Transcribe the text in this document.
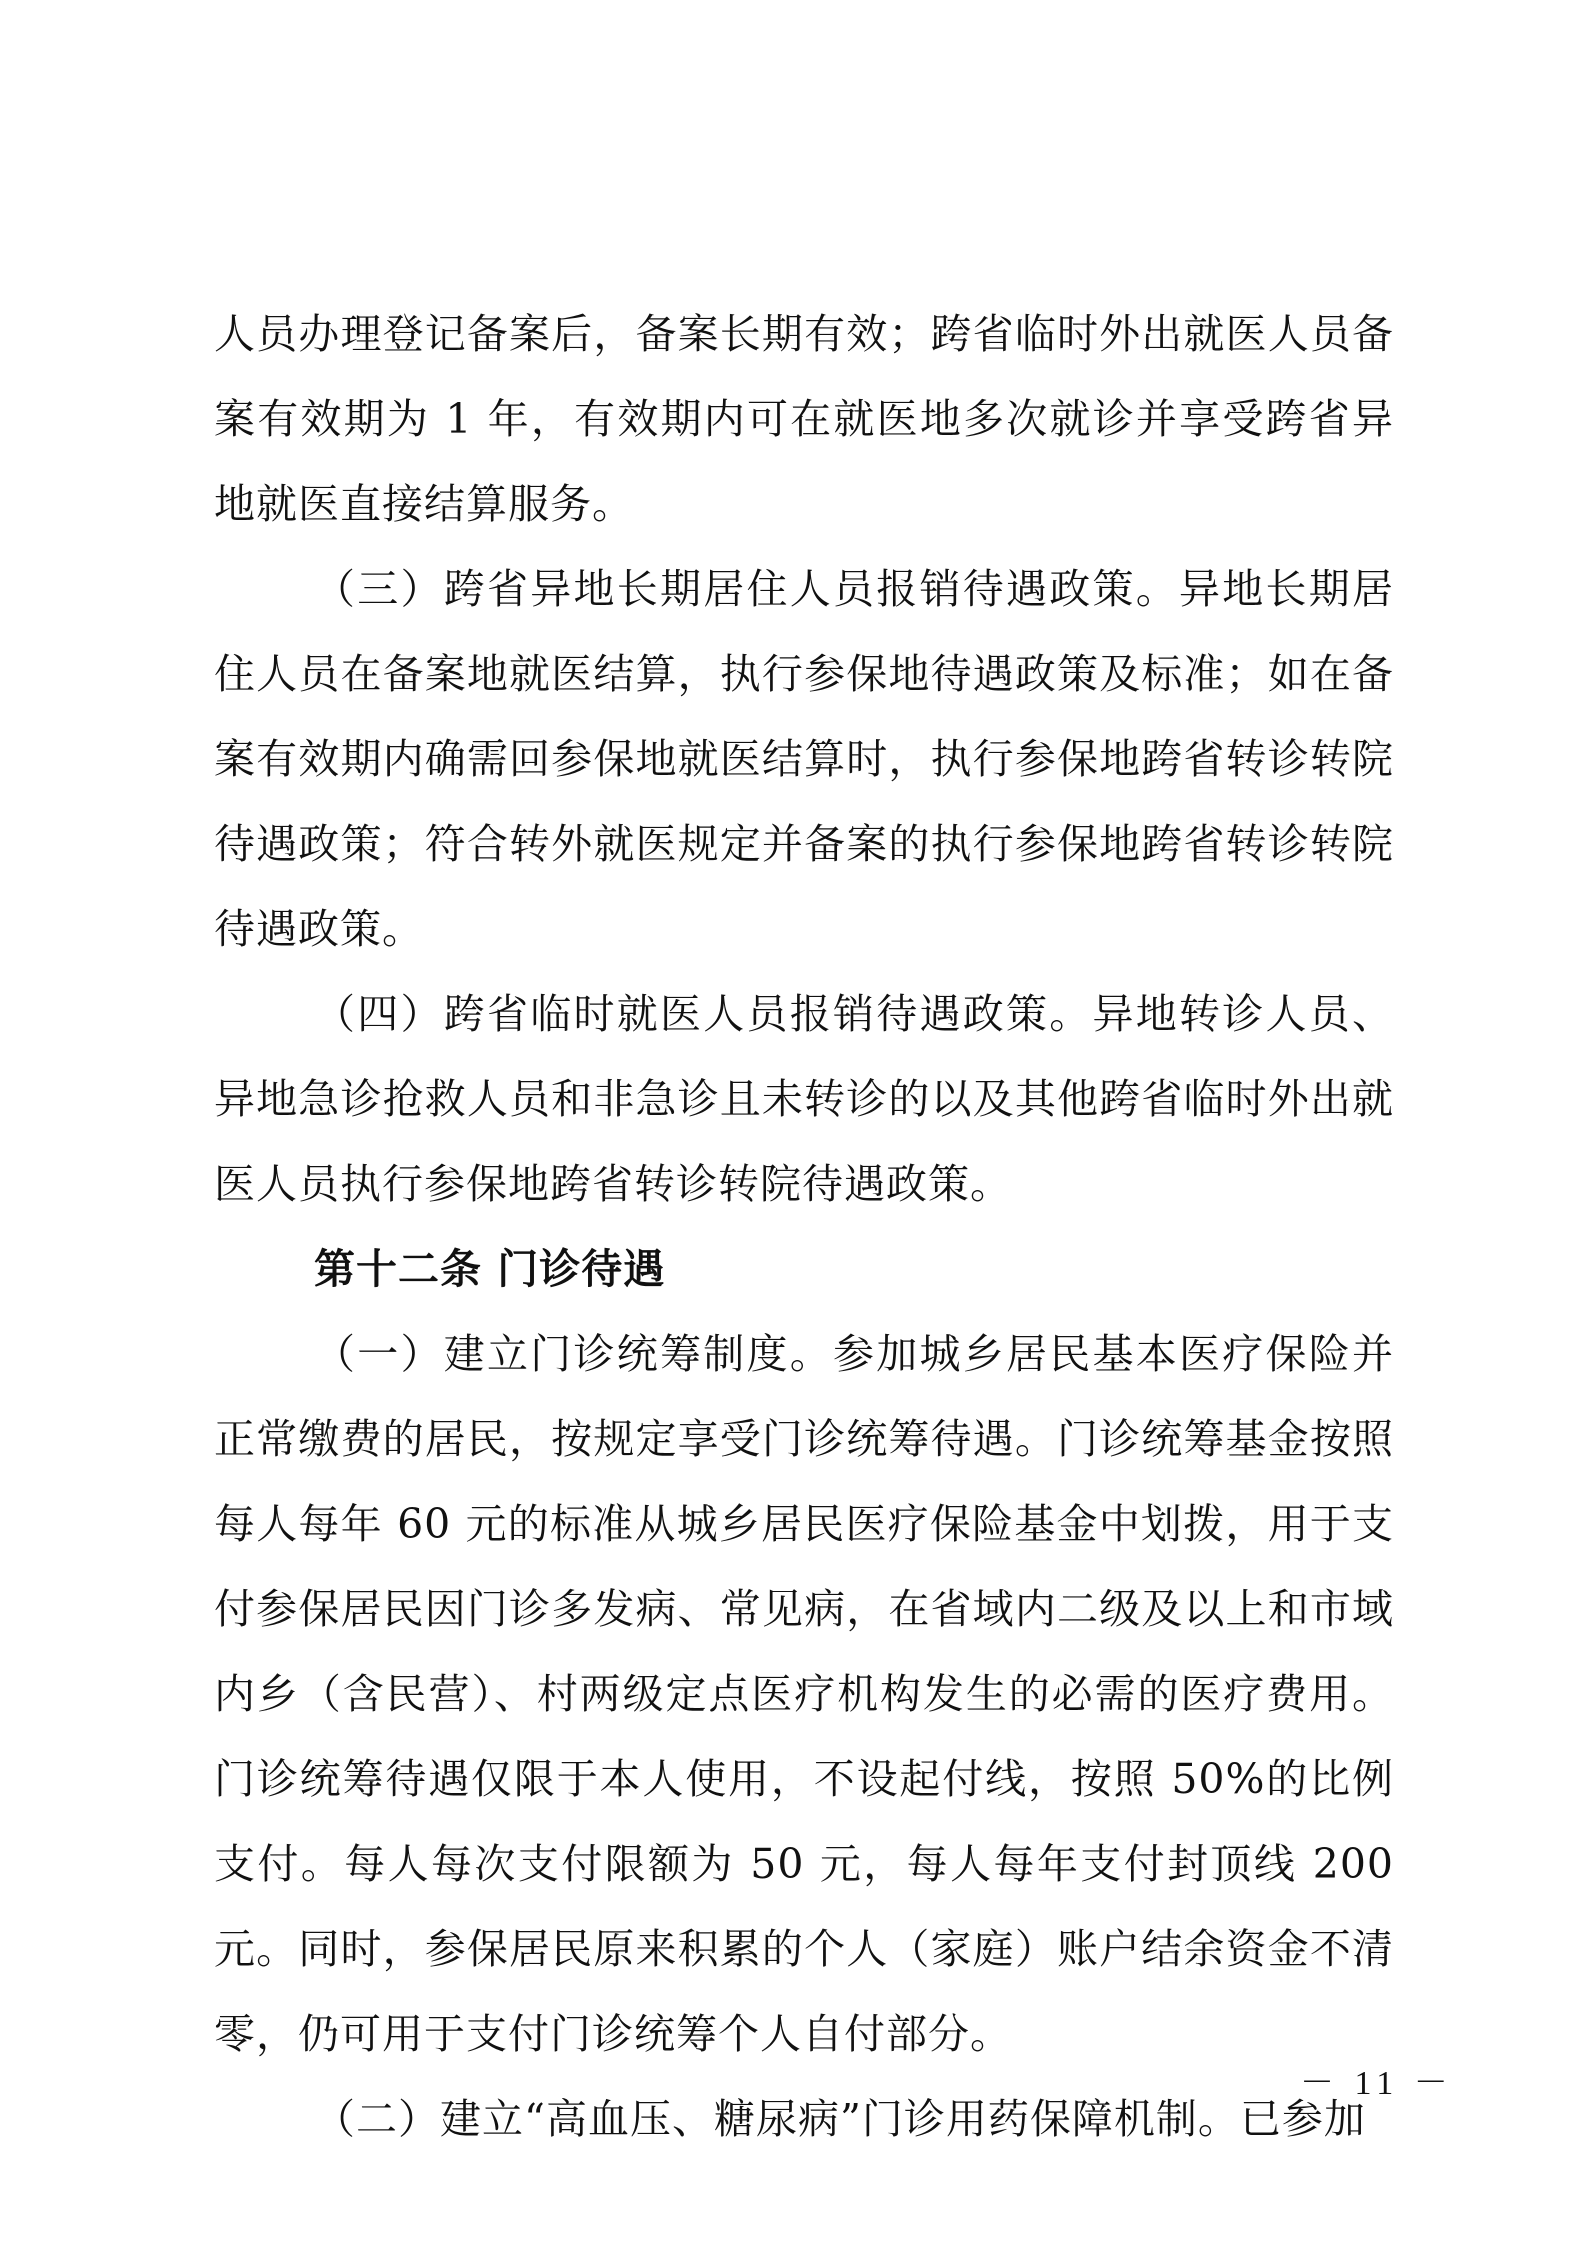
人员办理登记备案后，备案长期有效；跨省临时外出就医人员备案有效期为 1 年，有效期内可在就医地多次就诊并享受跨省异地就医直接结算服务。

（三）跨省异地长期居住人员报销待遇政策。异地长期居住人员在备案地就医结算，执行参保地待遇政策及标准；如在备案有效期内确需回参保地就医结算时，执行参保地跨省转诊转院待遇政策；符合转外就医规定并备案的执行参保地跨省转诊转院待遇政策。

（四）跨省临时就医人员报销待遇政策。异地转诊人员、异地急诊抢救人员和非急诊且未转诊的以及其他跨省临时外出就医人员执行参保地跨省转诊转院待遇政策。

第十二条 门诊待遇

（一）建立门诊统筹制度。参加城乡居民基本医疗保险并正常缴费的居民，按规定享受门诊统筹待遇。门诊统筹基金按照每人每年 60 元的标准从城乡居民医疗保险基金中划拨，用于支付参保居民因门诊多发病、常见病，在省域内二级及以上和市域内乡（含民营）、村两级定点医疗机构发生的必需的医疗费用。门诊统筹待遇仅限于本人使用，不设起付线，按照 50%的比例支付。每人每次支付限额为 50 元，每人每年支付封顶线 200 元。同时，参保居民原来积累的个人（家庭）账户结余资金不清零，仍可用于支付门诊统筹个人自付部分。

（二）建立“高血压、糖尿病”门诊用药保障机制。已参加

－ 11 －
